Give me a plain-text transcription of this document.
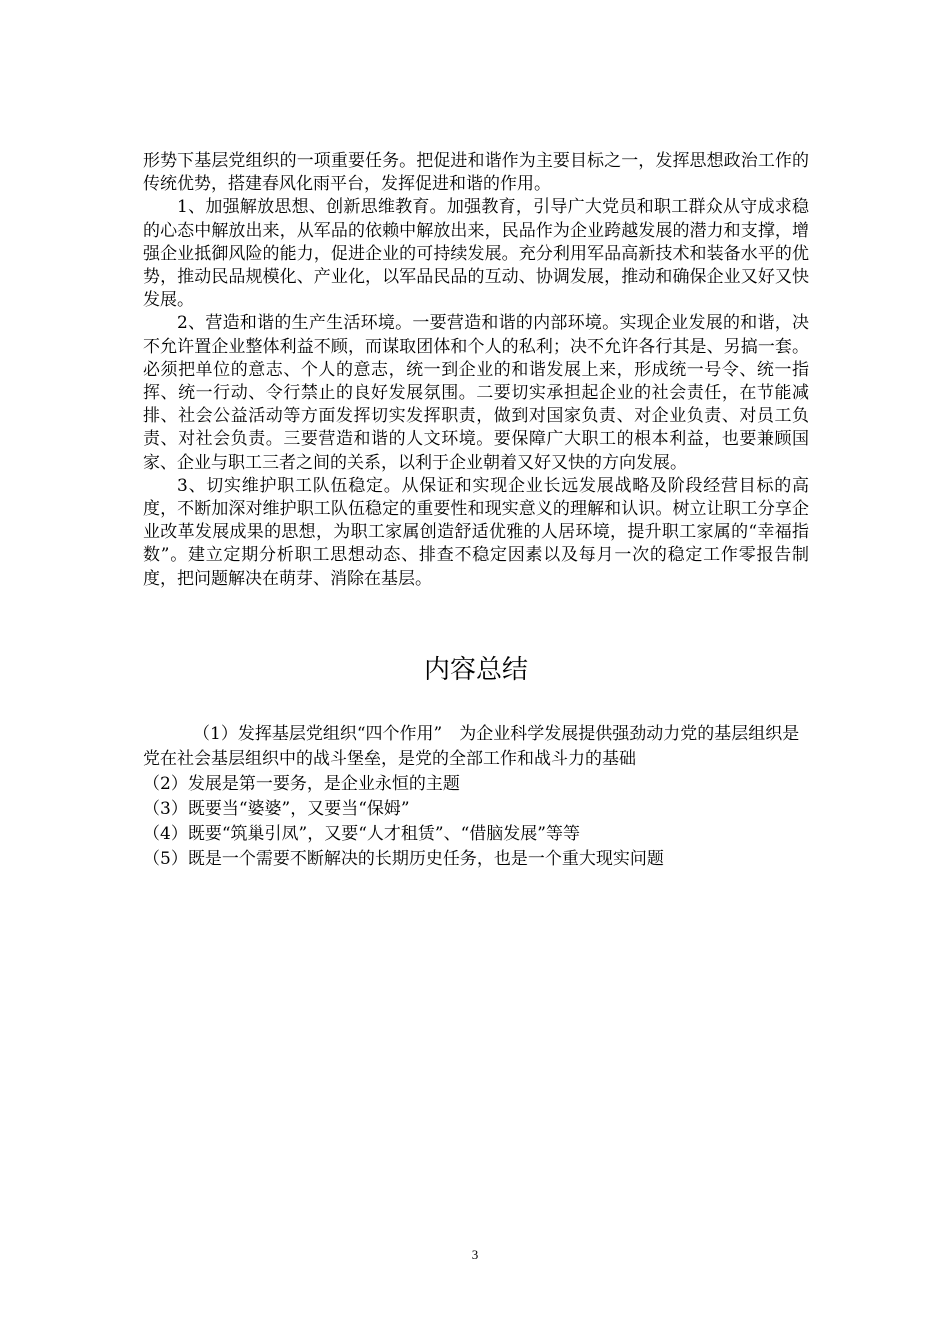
形势下基层党组织的一项重要任务。把促进和谐作为主要目标之一，发挥思想政治工作的传统优势，搭建春风化雨平台，发挥促进和谐的作用。

1、加强解放思想、创新思维教育。加强教育，引导广大党员和职工群众从守成求稳的心态中解放出来，从军品的依赖中解放出来，民品作为企业跨越发展的潜力和支撑，增强企业抵御风险的能力，促进企业的可持续发展。充分利用军品高新技术和装备水平的优势，推动民品规模化、产业化，以军品民品的互动、协调发展，推动和确保企业又好又快发展。

2、营造和谐的生产生活环境。一要营造和谐的内部环境。实现企业发展的和谐，决不允许置企业整体利益不顾，而谋取团体和个人的私利；决不允许各行其是、另搞一套。必须把单位的意志、个人的意志，统一到企业的和谐发展上来，形成统一号令、统一指挥、统一行动、令行禁止的良好发展氛围。二要切实承担起企业的社会责任，在节能减排、社会公益活动等方面发挥切实发挥职责，做到对国家负责、对企业负责、对员工负责、对社会负责。三要营造和谐的人文环境。要保障广大职工的根本利益，也要兼顾国家、企业与职工三者之间的关系，以利于企业朝着又好又快的方向发展。

3、切实维护职工队伍稳定。从保证和实现企业长远发展战略及阶段经营目标的高度，不断加深对维护职工队伍稳定的重要性和现实意义的理解和认识。树立让职工分享企业改革发展成果的思想，为职工家属创造舒适优雅的人居环境，提升职工家属的“幸福指数”。建立定期分析职工思想动态、排查不稳定因素以及每月一次的稳定工作零报告制度，把问题解决在萌芽、消除在基层。

内容总结

（1）发挥基层党组织“四个作用”　为企业科学发展提供强劲动力党的基层组织是党在社会基层组织中的战斗堡垒，是党的全部工作和战斗力的基础

（2）发展是第一要务，是企业永恒的主题

（3）既要当“婆婆”，又要当“保姆”

（4）既要“筑巢引凤”，又要“人才租赁”、“借脑发展”等等

（5）既是一个需要不断解决的长期历史任务，也是一个重大现实问题

3
